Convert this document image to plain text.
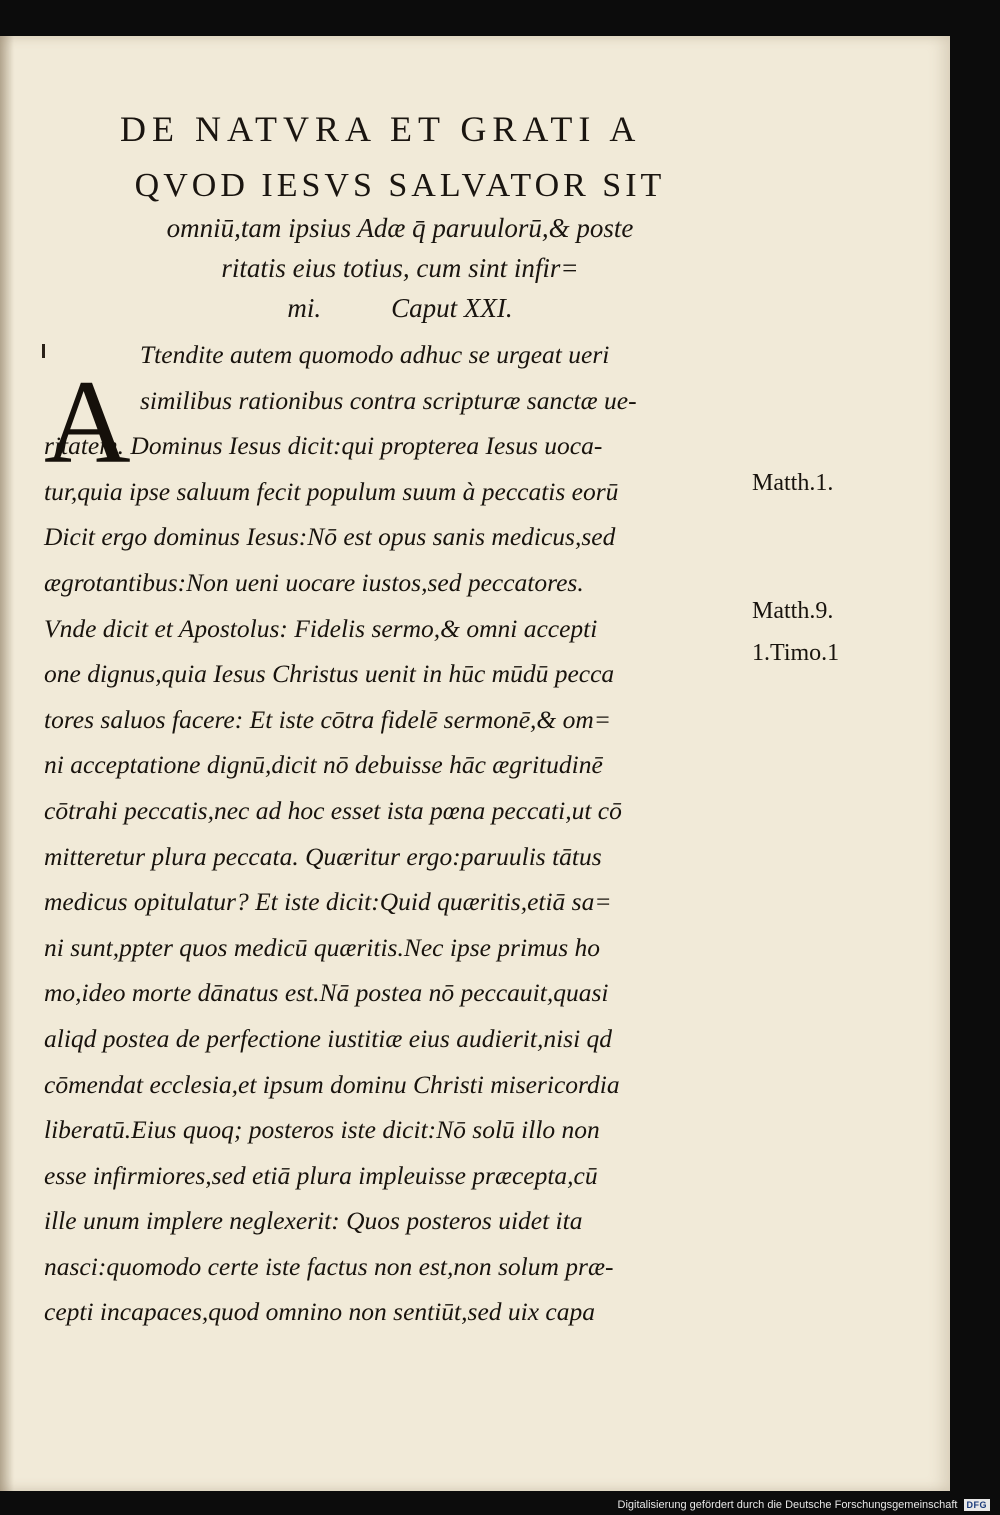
DE NATVRA ET GRATI A
QVOD IESVS SALVATOR SIT
omniū,tam ipsius Adæ q̄ paruulorū,& poste
ritatis eius totius, cum sint infir=
mi.	Caput XXI.
A
Ttendite autem quomodo adhuc se urgeat ueri
similibus rationibus contra scripturæ sanctæ ue-
ritatem. Dominus Iesus dicit:qui propterea Iesus uoca-
tur,quia ipse saluum fecit populum suum à peccatis eorū
Dicit ergo dominus Iesus:Nō est opus sanis medicus,sed
ægrotantibus:Non ueni uocare iustos,sed peccatores.
Vnde dicit et Apostolus: Fidelis sermo,& omni accepti
one dignus,quia Iesus Christus uenit in hūc mūdū pecca
tores saluos facere: Et iste cōtra fidelē sermonē,& om=
ni acceptatione dignū,dicit nō debuisse hāc ægritudinē
cōtrahi peccatis,nec ad hoc esset ista pœna peccati,ut cō
mitteretur plura peccata. Quæritur ergo:paruulis tātus
medicus opitulatur? Et iste dicit:Quid quæritis,etiā sa=
ni sunt,ppter quos medicū quæritis.Nec ipse primus ho
mo,ideo morte dānatus est.Nā postea nō peccauit,quasi
aliqd postea de perfectione iustitiæ eius audierit,nisi qd
cōmendat ecclesia,et ipsum dominu Christi misericordia
liberatū.Eius quoq; posteros iste dicit:Nō solū illo non
esse infirmiores,sed etiā plura impleuisse præcepta,cū
ille unum implere neglexerit: Quos posteros uidet ita
nasci:quomodo certe iste factus non est,non solum præ-
cepti incapaces,quod omnino non sentiūt,sed uix capa
Matth.1.
Matth.9.
1.Timo.1
Digitalisierung gefördert durch die Deutsche Forschungsgemeinschaft	DFG
